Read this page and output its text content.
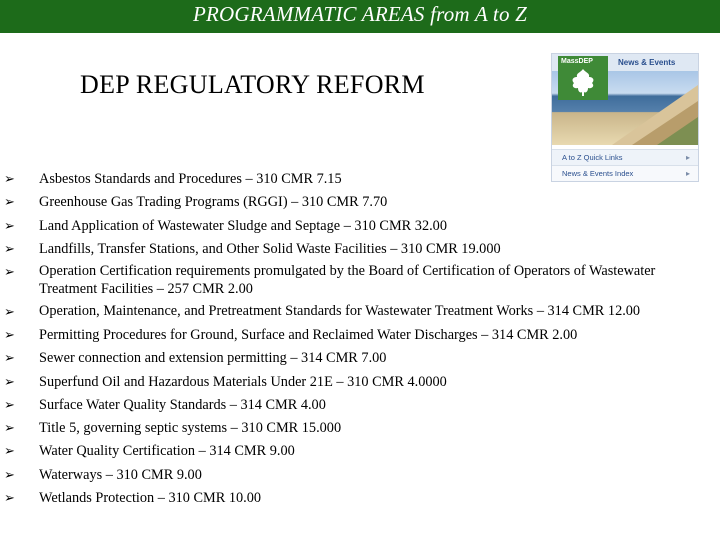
PROGRAMMATIC AREAS from A to Z
DEP REGULATORY REFORM
MassDEP	News & Events
A to Z Quick Links	▸
News & Events Index	▸
➢ Asbestos Standards and Procedures – 310 CMR 7.15
➢ Greenhouse Gas Trading Programs (RGGI) – 310 CMR 7.70
➢ Land Application of Wastewater Sludge and Septage – 310 CMR 32.00
➢ Landfills, Transfer Stations, and Other Solid Waste Facilities – 310 CMR 19.000
➢ Operation Certification requirements promulgated by the Board of Certification of Operators of Wastewater Treatment Facilities – 257 CMR 2.00
➢ Operation, Maintenance, and Pretreatment Standards for Wastewater Treatment Works – 314 CMR 12.00
➢ Permitting Procedures for Ground, Surface and Reclaimed Water Discharges – 314 CMR 2.00
➢ Sewer connection and extension permitting – 314 CMR 7.00
➢ Superfund Oil and Hazardous Materials Under 21E – 310 CMR 4.0000
➢ Surface Water Quality Standards – 314 CMR 4.00
➢ Title 5, governing septic systems – 310 CMR 15.000
➢ Water Quality Certification – 314 CMR 9.00
➢ Waterways – 310 CMR 9.00
➢ Wetlands Protection – 310 CMR 10.00
